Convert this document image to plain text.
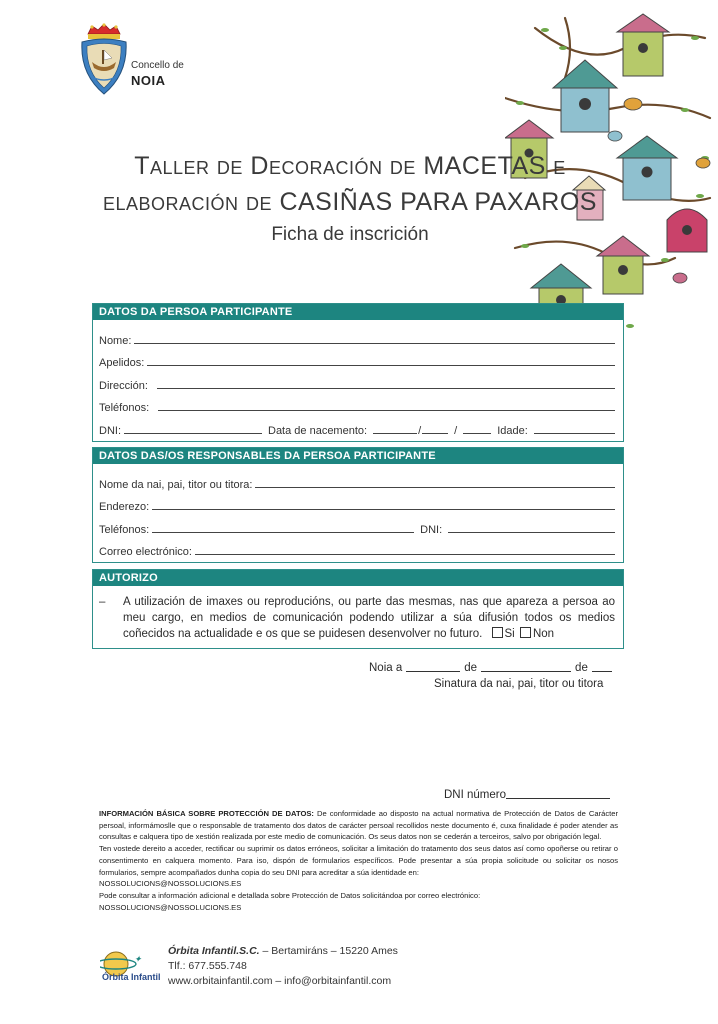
Concello de
NOIA
Taller de Decoración de MACETAS e
elaboración de CASIÑAS PARA PAXAROS
Ficha de inscrición
DATOS DA PERSOA PARTICIPANTE
Nome:
Apelidos:
Dirección:
Teléfonos:
DNI:	Data de nacemento:	/	/	Idade:
DATOS DAS/OS RESPONSABLES DA PERSOA PARTICIPANTE
Nome da nai, pai, titor ou titora:
Enderezo:
Teléfonos:	DNI:
Correo electrónico:
AUTORIZO
–	A utilización de imaxes ou reproducións, ou parte das mesmas, nas que apareza a persoa ao meu cargo, en medios de comunicación podendo utilizar a súa difusión todos os medios coñecidos na actualidade e os que se puidesen desenvolver no futuro. Si Non
Noia a	de	de
Sinatura da nai, pai, titor ou titora
DNI número
INFORMACIÓN BÁSICA SOBRE PROTECCIÓN DE DATOS: De conformidade ao disposto na actual normativa de Protección de Datos de Carácter persoal, informámoslle que o responsable de tratamento dos datos de carácter persoal recollidos neste documento é, cuxa finalidade é poder atender as consultas e calquera tipo de xestión realizada por este medio de comunicación. Os seus datos non se cederán a terceiros, salvo por obrigación legal.
Ten vostede dereito a acceder, rectificar ou suprimir os datos erróneos, solicitar a limitación do tratamento dos seus datos así como opoñerse ou retirar o consentimento en calquera momento. Para iso, dispón de formularios específicos. Pode presentar a súa propia solicitude ou solicitar os nosos formularios, sempre acompañados dunha copia do seu DNI para acreditar a súa identidade en:
NOSSOLUCIONS@NOSSOLUCIONS.ES
Pode consultar a información adicional e detallada sobre Protección de Datos solicitándoa por correo electrónico:
NOSSOLUCIONS@NOSSOLUCIONS.ES
✦
Órbita Infantil
Órbita Infantil.S.C. – Bertamiráns – 15220 Ames
Tlf.: 677.555.748
www.orbitainfantil.com – info@orbitainfantil.com
